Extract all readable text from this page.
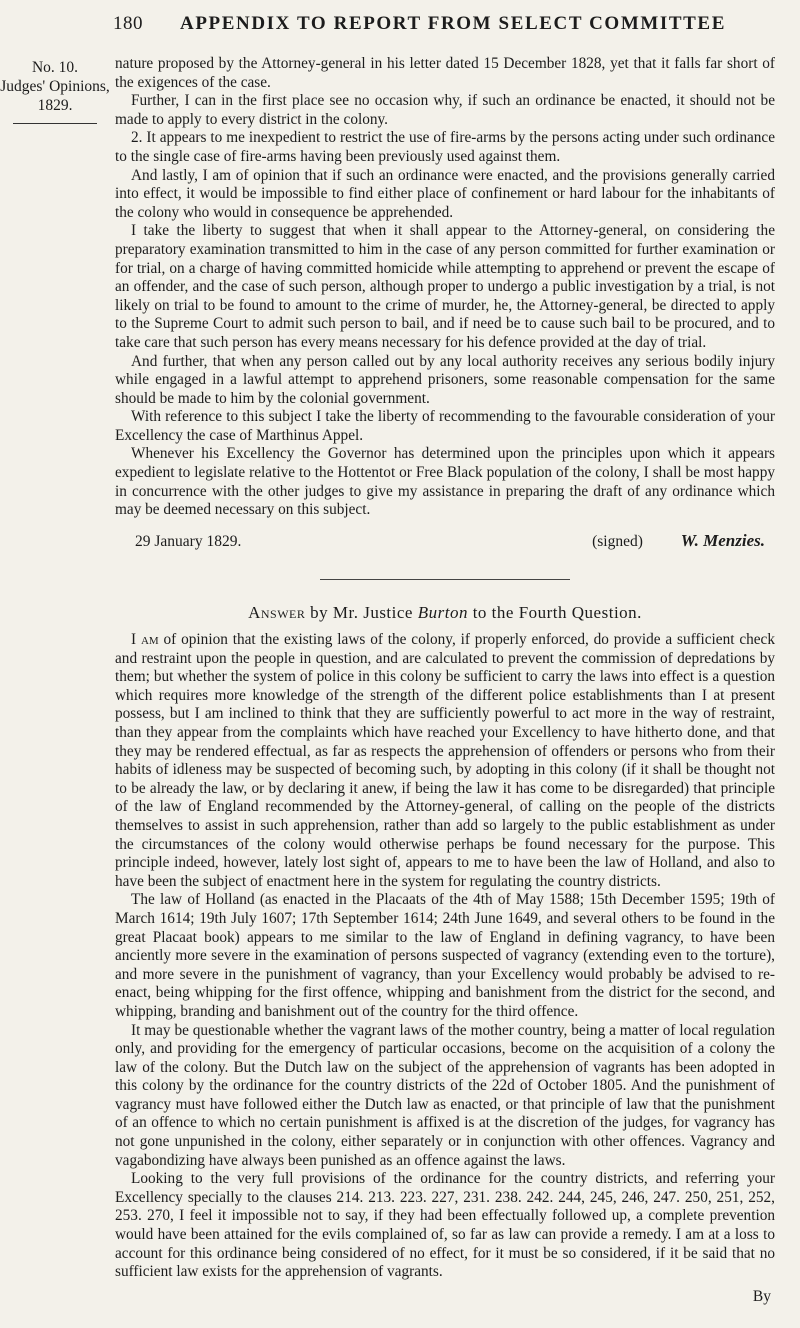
180 APPENDIX TO REPORT FROM SELECT COMMITTEE
No. 10.
Judges' Opinions,
1829.

nature proposed by the Attorney-general in his letter dated 15 December 1828, yet that it falls far short of the exigences of the case.

Further, I can in the first place see no occasion why, if such an ordinance be enacted, it should not be made to apply to every district in the colony.

2. It appears to me inexpedient to restrict the use of fire-arms by the persons acting under such ordinance to the single case of fire-arms having been previously used against them.

And lastly, I am of opinion that if such an ordinance were enacted, and the provisions generally carried into effect, it would be impossible to find either place of confinement or hard labour for the inhabitants of the colony who would in consequence be apprehended.

I take the liberty to suggest that when it shall appear to the Attorney-general, on considering the preparatory examination transmitted to him in the case of any person committed for further examination or for trial, on a charge of having committed homicide while attempting to apprehend or prevent the escape of an offender, and the case of such person, although proper to undergo a public investigation by a trial, is not likely on trial to be found to amount to the crime of murder, he, the Attorney-general, be directed to apply to the Supreme Court to admit such person to bail, and if need be to cause such bail to be procured, and to take care that such person has every means necessary for his defence provided at the day of trial.

And further, that when any person called out by any local authority receives any serious bodily injury while engaged in a lawful attempt to apprehend prisoners, some reasonable compensation for the same should be made to him by the colonial government.

With reference to this subject I take the liberty of recommending to the favourable consideration of your Excellency the case of Marthinus Appel.

Whenever his Excellency the Governor has determined upon the principles upon which it appears expedient to legislate relative to the Hottentot or Free Black population of the colony, I shall be most happy in concurrence with the other judges to give my assistance in preparing the draft of any ordinance which may be deemed necessary on this subject.

29 January 1829.	(signed) W. Menzies.
Answer by Mr. Justice Burton to the Fourth Question.

I am of opinion that the existing laws of the colony, if properly enforced, do provide a sufficient check and restraint upon the people in question, and are calculated to prevent the commission of depredations by them; but whether the system of police in this colony be sufficient to carry the laws into effect is a question which requires more knowledge of the strength of the different police establishments than I at present possess, but I am inclined to think that they are sufficiently powerful to act more in the way of restraint, than they appear from the complaints which have reached your Excellency to have hitherto done, and that they may be rendered effectual, as far as respects the apprehension of offenders or persons who from their habits of idleness may be suspected of becoming such, by adopting in this colony (if it shall be thought not to be already the law, or by declaring it anew, if being the law it has come to be disregarded) that principle of the law of England recommended by the Attorney-general, of calling on the people of the districts themselves to assist in such apprehension, rather than add so largely to the public establishment as under the circumstances of the colony would otherwise perhaps be found necessary for the purpose. This principle indeed, however, lately lost sight of, appears to me to have been the law of Holland, and also to have been the subject of enactment here in the system for regulating the country districts.

The law of Holland (as enacted in the Placaats of the 4th of May 1588; 15th December 1595; 19th of March 1614; 19th July 1607; 17th September 1614; 24th June 1649, and several others to be found in the great Placaat book) appears to me similar to the law of England in defining vagrancy, to have been anciently more severe in the examination of persons suspected of vagrancy (extending even to the torture), and more severe in the punishment of vagrancy, than your Excellency would probably be advised to re-enact, being whipping for the first offence, whipping and banishment from the district for the second, and whipping, branding and banishment out of the country for the third offence.

It may be questionable whether the vagrant laws of the mother country, being a matter of local regulation only, and providing for the emergency of particular occasions, become on the acquisition of a colony the law of the colony. But the Dutch law on the subject of the apprehension of vagrants has been adopted in this colony by the ordinance for the country districts of the 22d of October 1805. And the punishment of vagrancy must have followed either the Dutch law as enacted, or that principle of law that the punishment of an offence to which no certain punishment is affixed is at the discretion of the judges, for vagrancy has not gone unpunished in the colony, either separately or in conjunction with other offences. Vagrancy and vagabondizing have always been punished as an offence against the laws.

Looking to the very full provisions of the ordinance for the country districts, and referring your Excellency specially to the clauses 214. 213. 223. 227, 231. 238. 242. 244, 245, 246, 247. 250, 251, 252, 253. 270, I feel it impossible not to say, if they had been effectually followed up, a complete prevention would have been attained for the evils complained of, so far as law can provide a remedy. I am at a loss to account for this ordinance being considered of no effect, for it must be so considered, if it be said that no sufficient law exists for the apprehension of vagrants.

By
